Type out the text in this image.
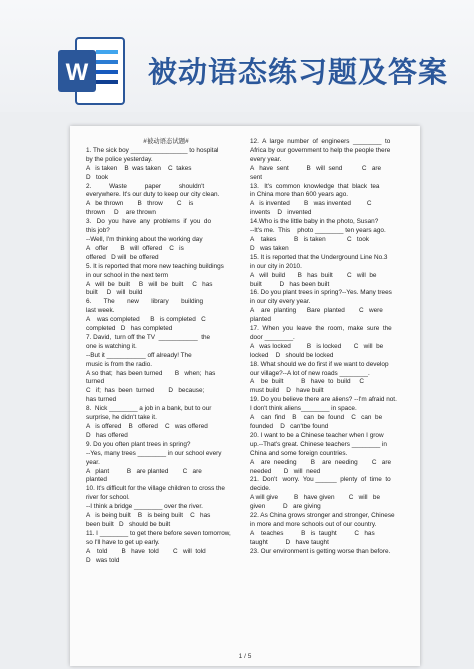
W 被动语态练习题及答案
#被动语态试题#
1. The sick boy ________________ to hospital
by the police yesterday.
A   is taken    B  was taken    C  takes
D   took
2.          Waste          paper          shouldn't
everywhere. It's our duty to keep our city clean.
A   be thrown        B   throw        C    is
thrown     D    are thrown
3.   Do  you  have  any  problems  if  you  do
this job?
--Well, I'm thinking about the working day
A   offer       B   will  offered    C   is
offered   D will  be offered
5. It is reported that more new teaching buildings
in our school in the next term
A   will  be  built     B   will  be  built     C   has
built     D   will  build
6.       The       new       library       building
last week.
A    was completed      B   is completed   C
completed   D   has completed
7. David,  turn off the TV  ___________  the
one is watching it.
--But it ___________ off already! The
music is from the radio.
A so that;  has been turned       B   when;  has
turned
C   if;  has  been  turned        D   because;
has turned
8.  Nick ________ a job in a bank, but to our
surprise, he didn't take it.
A   is offered    B   offered    C   was offered
D   has offered
9. Do you often plant trees in spring?
--Yes, many trees ________ in our school every
year.
A   plant          B   are planted        C   are
planted
10. It's difficult for the village children to cross the
river for school.
--I think a bridge ________ over the river.
A   is being built    B   is being built    C   has
been built   D   should be built
11. I ________ to get there before seven tomorrow,
so I'll have to get up early.
A    told        B   have  told        C   will  told
D   was told
12.  A  large  number  of  engineers  ________  to
Africa by our government to help the people there
every year.
A   have  sent          B   will  send           C   are
sent
13.   It's  common  knowledge  that  black  tea
in China more than 600 years ago.
A   is invented        B   was invented         C
invents    D   invented
14.Who is the little baby in the photo, Susan?
--It's me.  This    photo ________ ten years ago.
A    takes          B   is taken            C   took
D   was taken
15. It is reported that the Underground Line No.3
in our city in 2010.
A   will  build       B   has  built        C   will  be
built          D   has been built
16. Do you plant trees in spring?--Yes. Many trees
in our city every year.
A    are  planting      Bare  planted        C   were
planted
17.  When  you  leave  the  room,  make  sure  the
door ________.
A   was locked         B   is locked       C   will  be
locked    D   should be locked
18. What should we do first if we want to develop
our village?--A lot of new roads ________.
A    be  built          B   have  to  build     C
must build    D   have built
19. Do you believe there are aliens? --I'm afraid not.
I don't think aliens________ in space.
A    can  find    B    can  be  found    C   can  be
founded    D   can'tbe found
20. I want to be a Chinese teacher when I grow
up.--That's great. Chinese teachers ________ in
China and some foreign countries.
A    are  needing        B    are  needing        C   are
needed       D   will  need
21.  Don't   worry.  You ______  plenty  of  time  to
decide.
A will give         B   have given        C   will   be
given          D   are giving
22. As China grows stronger and stronger, Chinese
in more and more schools out of our country.
A    teaches          B   is  taught          C   has
taught          D   have taught
23. Our environment is getting worse than before.
1 / 5
